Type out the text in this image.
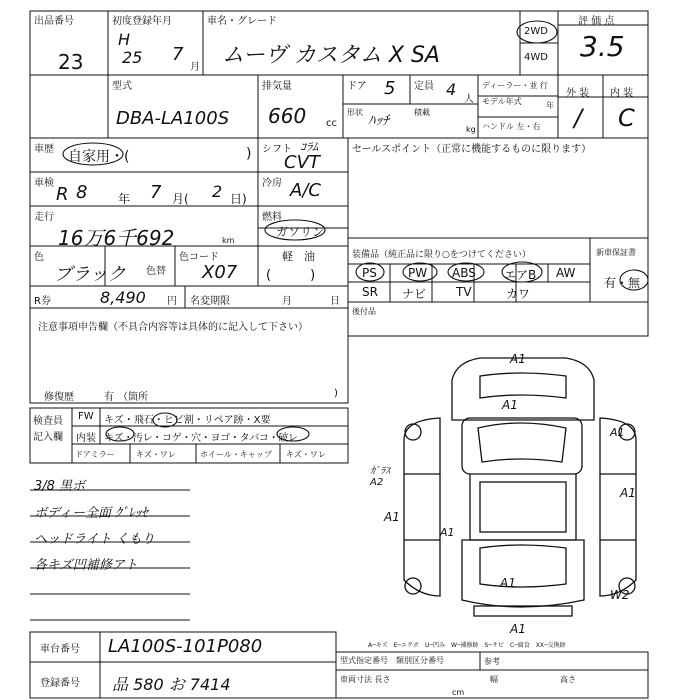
出品番号
23
初度登録年月
H
25 7
月
車名・グレード
ムーヴ カスタム X SA
2WD
4WD
評 価 点
3.5
型式
DBA-LA100S
排気量
660 cc
ドア 5 定員 4
人
形状
ﾊｯﾁ
積載
kg
ディーラー・並 行
モデル年式	年
ハンドル 左・右
外 装 内 装
/ C
車歴 自家用・(	) シフト ｺﾗﾑ
CVT
セールスポイント（正常に機能するものに限ります）
車検
R 8	年 7 月( 2 日)
冷房 A/C
走行
16万6千692	km
燃料
ガソリン
軽　油
(　　　)
色
ブラック 色替
色コード
X07
R券	8,490 円 名変期限	月	日
装備品（純正品に限り○をつけてください）	新車保証書
PS	PW ABS エアB AW
SR ナビ TV	カワ
有・無
後付品
注意事項申告欄（不具合内容等は具体的に記入して下さい）
修復歴	有 （箇所	)
検査員
記入欄
FW キズ・飛石・ヒビ割・リペア跡・X要
内装 キズ・汚レ・コゲ・穴・ヨゴ・タバコ・破レ
ドアミラー	キズ・ワレ	ホイール・キャップ キズ・ワレ
3/8 黒ボ
ボディー全面 ｸﾞﾚｯｾ
ヘッドライト くもり
各キズ凹補修アト
A1
A1
A1
A1
A1
A1
A1
A1
W2
ｶﾞﾗｽ A2
車台番号 LA100S-101P080
登録番号 品 580 お 7414
A─キズ　E─エクボ　U─凹み　W─補修跡　S─サビ　C─腐食　XX─交換跡
型式指定番号　類別区分番号	参考
車両寸法 長さ
cm
幅	高さ
